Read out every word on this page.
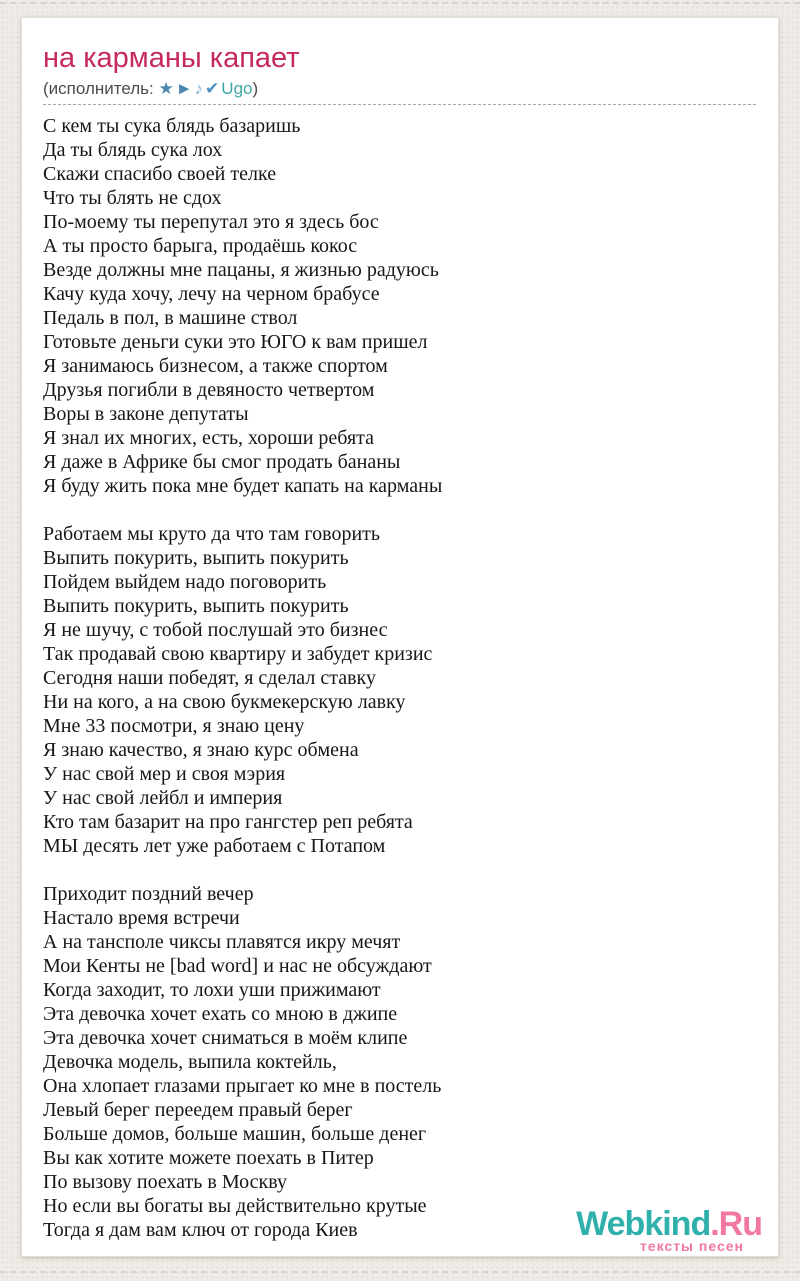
на карманы капает
(исполнитель: ★►♪✔Ugo)
С кем ты сука блядь базаришь
Да ты блядь сука лох
Скажи спасибо своей телке
Что ты блять не сдох
По-моему ты перепутал это я здесь бос
А ты просто барыга, продаёшь кокос
Везде должны мне пацаны, я жизнью радуюсь
Качу куда хочу, лечу на черном брабусе
Педаль в пол, в машине ствол
Готовьте деньги суки это ЮГО к вам пришел
Я занимаюсь бизнесом, а также спортом
Друзья погибли в девяносто четвертом
Воры в законе депутаты
Я знал их многих, есть, хороши ребята
Я даже в Африке бы смог продать бананы
Я буду жить пока мне будет капать на карманы
Работаем мы круто да что там говорить
Выпить покурить, выпить покурить
Пойдем выйдем надо поговорить
Выпить покурить, выпить покурить
Я не шучу, с тобой послушай это бизнес
Так продавай свою квартиру и забудет кризис
Сегодня наши победят, я сделал ставку
Ни на кого, а на свою букмекерскую лавку
Мне 33 посмотри, я знаю цену
Я знаю качество, я знаю курс обмена
У нас свой мер и своя мэрия
У нас свой лейбл и империя
Кто там базарит на про гангстер реп ребята
МЫ десять лет уже работаем с Потапом
Приходит поздний вечер
Настало время встречи
А на тансполе чиксы плавятся икру мечят
Мои Кенты не [bad word] и нас не обсуждают
Когда заходит, то лохи уши прижимают
Эта девочка хочет ехать со мною в джипе
Эта девочка хочет сниматься в моём клипе
Девочка модель, выпила коктейль,
Она хлопает глазами прыгает ко мне в постель
Левый берег переедем правый берег
Больше домов, больше машин, больше денег
Вы как хотите можете поехать в Питер
По вызову поехать в Москву
Но если вы богаты вы действительно крутые
Тогда я дам вам ключ от города Киев	Webkind.Ru
тексты песен
